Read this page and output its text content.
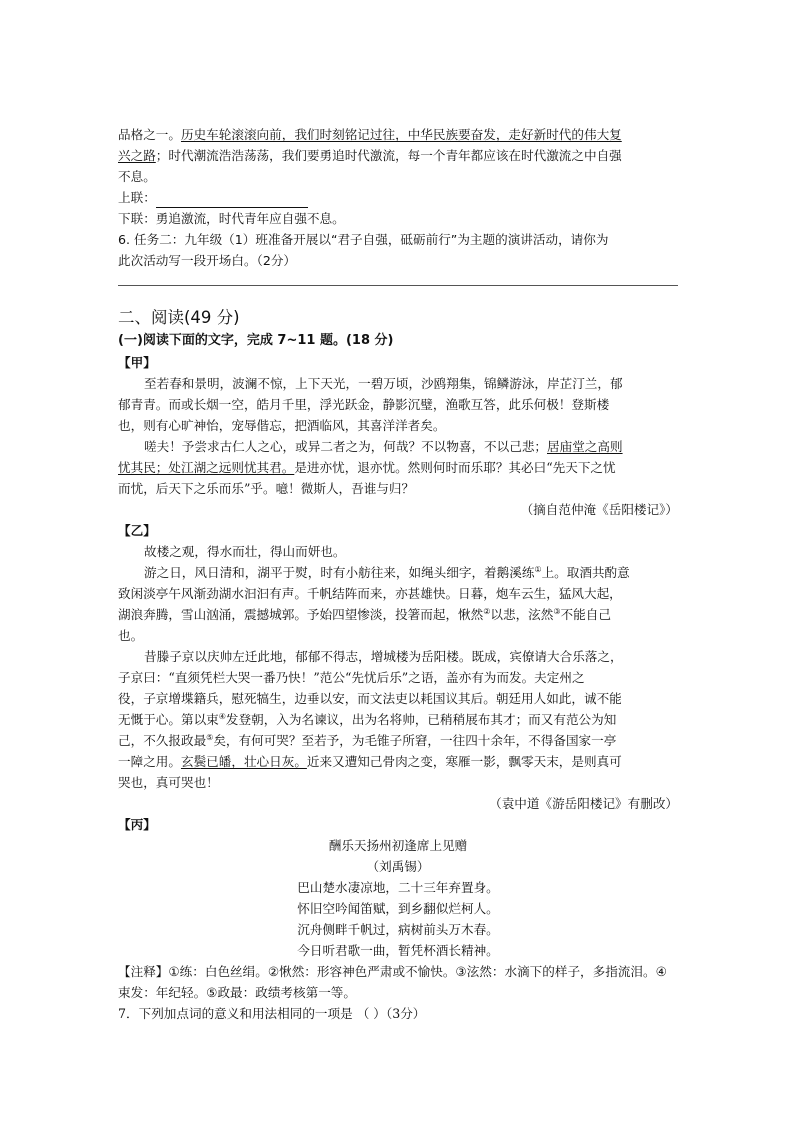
品格之一。历史车轮滚滚向前，我们时刻铭记过往，中华民族要奋发，走好新时代的伟大复
兴之路；时代潮流浩浩荡荡，我们要勇追时代激流，每一个青年都应该在时代激流之中自强
不息。
上联：
下联：勇追激流，时代青年应自强不息。
6. 任务二：九年级（1）班准备开展以“君子自强，砥砺前行”为主题的演讲活动，请你为
此次活动写一段开场白。（2分）
二、阅读(49 分)
(一)阅读下面的文字，完成 7~11 题。(18 分)
【甲】
至若春和景明，波澜不惊，上下天光，一碧万顷，沙鸥翔集，锦鳞游泳，岸芷汀兰，郁
郁青青。而或长烟一空，皓月千里，浮光跃金，静影沉璧，渔歌互答，此乐何极！登斯楼
也，则有心旷神怡，宠辱偕忘，把酒临风，其喜洋洋者矣。
嗟夫！予尝求古仁人之心，或异二者之为，何哉？不以物喜，不以己悲；居庙堂之高则
忧其民；处江湖之远则忧其君。是进亦忧，退亦忧。然则何时而乐耶？其必曰“先天下之忧
而忧，后天下之乐而乐”乎。噫！微斯人，吾谁与归？
（摘自范仲淹《岳阳楼记》）
【乙】
故楼之观，得水而壮，得山而妍也。
游之日，风日清和，湖平于熨，时有小舫往来，如绳头细字，着鹅溪练①上。取酒共酌意
致闲淡亭午风渐劲湖水汩汩有声。千帆结阵而来，亦甚雄快。日暮，炮车云生，猛风大起，
湖浪奔腾，雪山汹涌，震撼城郭。予始四望惨淡，投箸而起，愀然②以悲，泫然③不能自己
也。
昔滕子京以庆帅左迁此地，郁郁不得志，增城楼为岳阳楼。既成，宾僚请大合乐落之，
子京曰：“直须凭栏大哭一番乃快！”范公“先忧后乐”之语，盖亦有为而发。夫定州之
役，子京增堞籍兵，慰死犒生，边垂以安，而文法吏以耗国议其后。朝廷用人如此，诚不能
无慨于心。第以束④发登朝，入为名谏议，出为名将帅，已稍稍展布其才；而又有范公为知
己，不久报政最⑤矣，有何可哭？至若予，为毛锥子所窘，一往四十余年，不得备国家一亭
一障之用。玄鬓已皤，壮心日灰。近来又遭知己骨肉之变，寒雁一影，飘零天末，是则真可
哭也，真可哭也！
（袁中道《游岳阳楼记》有删改）
【丙】
酬乐天扬州初逢席上见赠
（刘禹锡）
巴山楚水凄凉地，二十三年弃置身。
怀旧空吟闻笛赋，到乡翻似烂柯人。
沉舟侧畔千帆过，病树前头万木春。
今日听君歌一曲，暂凭杯酒长精神。
【注释】①练：白色丝绢。②愀然：形容神色严肃或不愉快。③泫然：水滴下的样子，多指流泪。④
束发：年纪轻。⑤政最：政绩考核第一等。
7．下列加点词的意义和用法相同的一项是 （ ）（3分）
